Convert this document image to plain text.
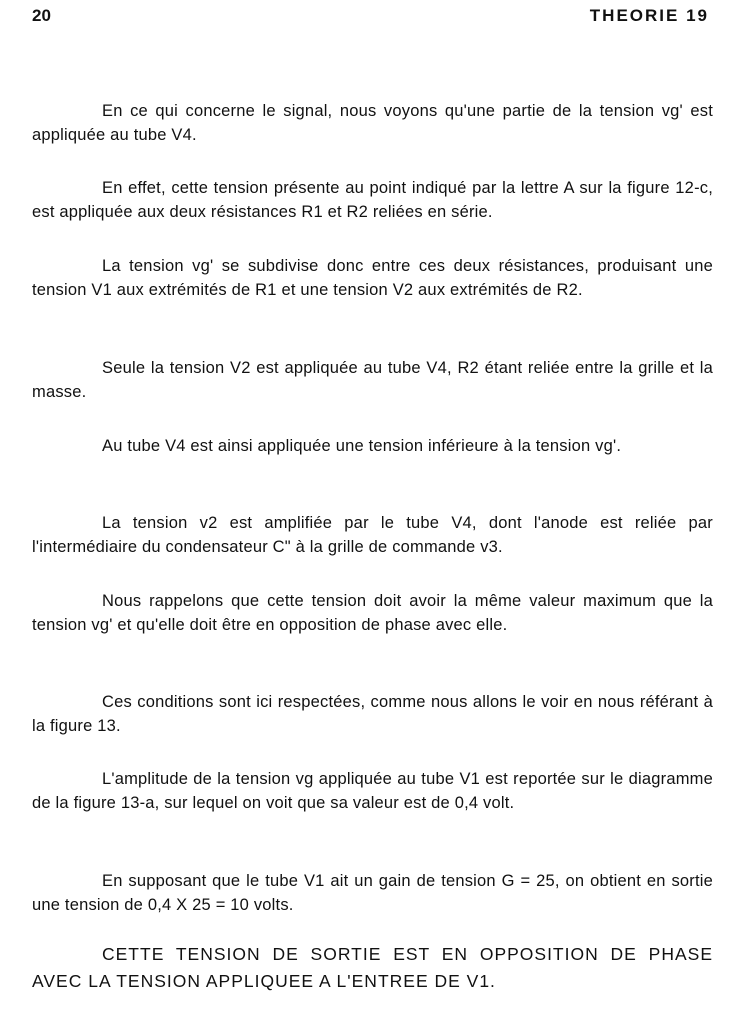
20	THEORIE 19

En ce qui concerne le signal, nous voyons qu'une partie de la tension vg' est appliquée au tube V4.

En effet, cette tension présente au point indiqué par la lettre A sur la figure 12-c, est appliquée aux deux résistances R1 et R2 reliées en série.

La tension vg' se subdivise donc entre ces deux résistances, produisant une tension V1 aux extrémités de R1 et une tension V2 aux extrémités de R2.

Seule la tension V2 est appliquée au tube V4, R2 étant reliée entre la grille et la masse.

Au tube V4 est ainsi appliquée une tension inférieure à la tension vg'.

La tension v2 est amplifiée par le tube V4, dont l'anode est reliée par l'intermédiaire du condensateur C" à la grille de commande v3.

Nous rappelons que cette tension doit avoir la même valeur maximum que la tension vg' et qu'elle doit être en opposition de phase avec elle.

Ces conditions sont ici respectées, comme nous allons le voir en nous référant à la figure 13.

L'amplitude de la tension vg appliquée au tube V1 est reportée sur le diagramme de la figure 13-a, sur lequel on voit que sa valeur est de 0,4 volt.

En supposant que le tube V1 ait un gain de tension G = 25, on obtient en sortie une tension de 0,4 X 25 = 10 volts.

CETTE TENSION DE SORTIE EST EN OPPOSITION DE PHASE AVEC LA TENSION APPLIQUEE A L'ENTREE DE V1.
